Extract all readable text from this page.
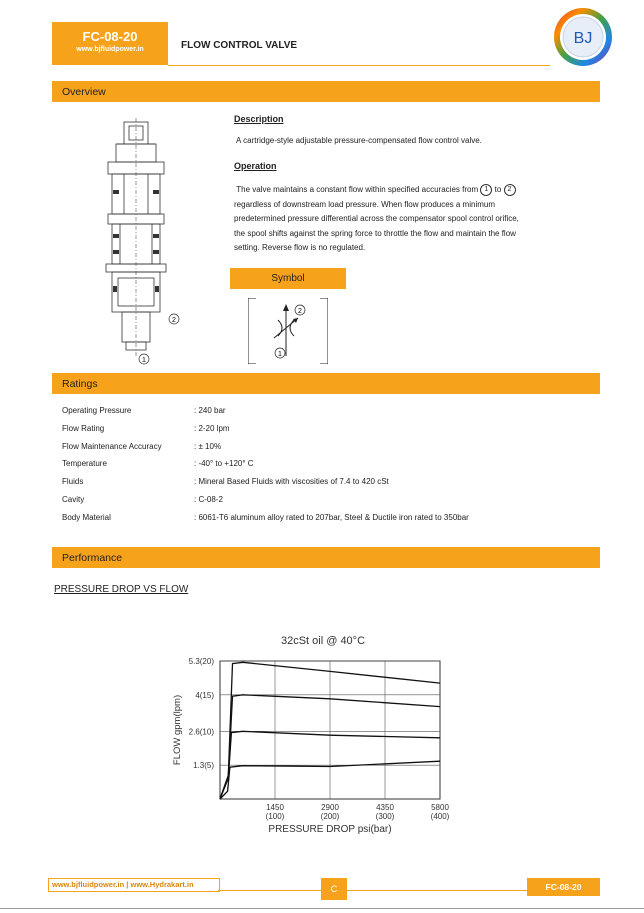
FC-08-20
www.bjfluidpower.in	FLOW CONTROL VALVE	BJ
Overview
2
1
Description
A cartridge-style adjustable pressure-compensated flow control valve.
Operation
The valve maintains a constant flow within specified accuracies from 1 to 2
regardless of downstream load pressure. When flow produces a minimum
predetermined pressure differential across the compensator spool control orifice,
the spool shifts against the spring force to throttle the flow and maintain the flow
setting. Reverse flow is no regulated.
Symbol
2
1
Ratings
Operating Pressure	: 240 bar
Flow Rating	: 2-20 lpm
Flow Maintenance Accuracy	: ± 10%
Temperature	: -40° to +120° C
Fluids	: Mineral Based Fluids with viscosities of 7.4 to 420 cSt
Cavity	: C-08-2
Body Material	: 6061-T6 aluminum alloy rated to 207bar, Steel & Ductile iron rated to 350bar
Performance
PRESSURE DROP VS FLOW
32cSt oil @ 40°C
1.3(5)
2.6(10)
4(15)
5.3(20)
1450
(100)
2900
(200)
4350
(300)
5800
(400)
FLOW gpm(lpm)
PRESSURE DROP psi(bar)
www.bjfluidpower.in | www.Hydrakart.in	C	FC-08-20
